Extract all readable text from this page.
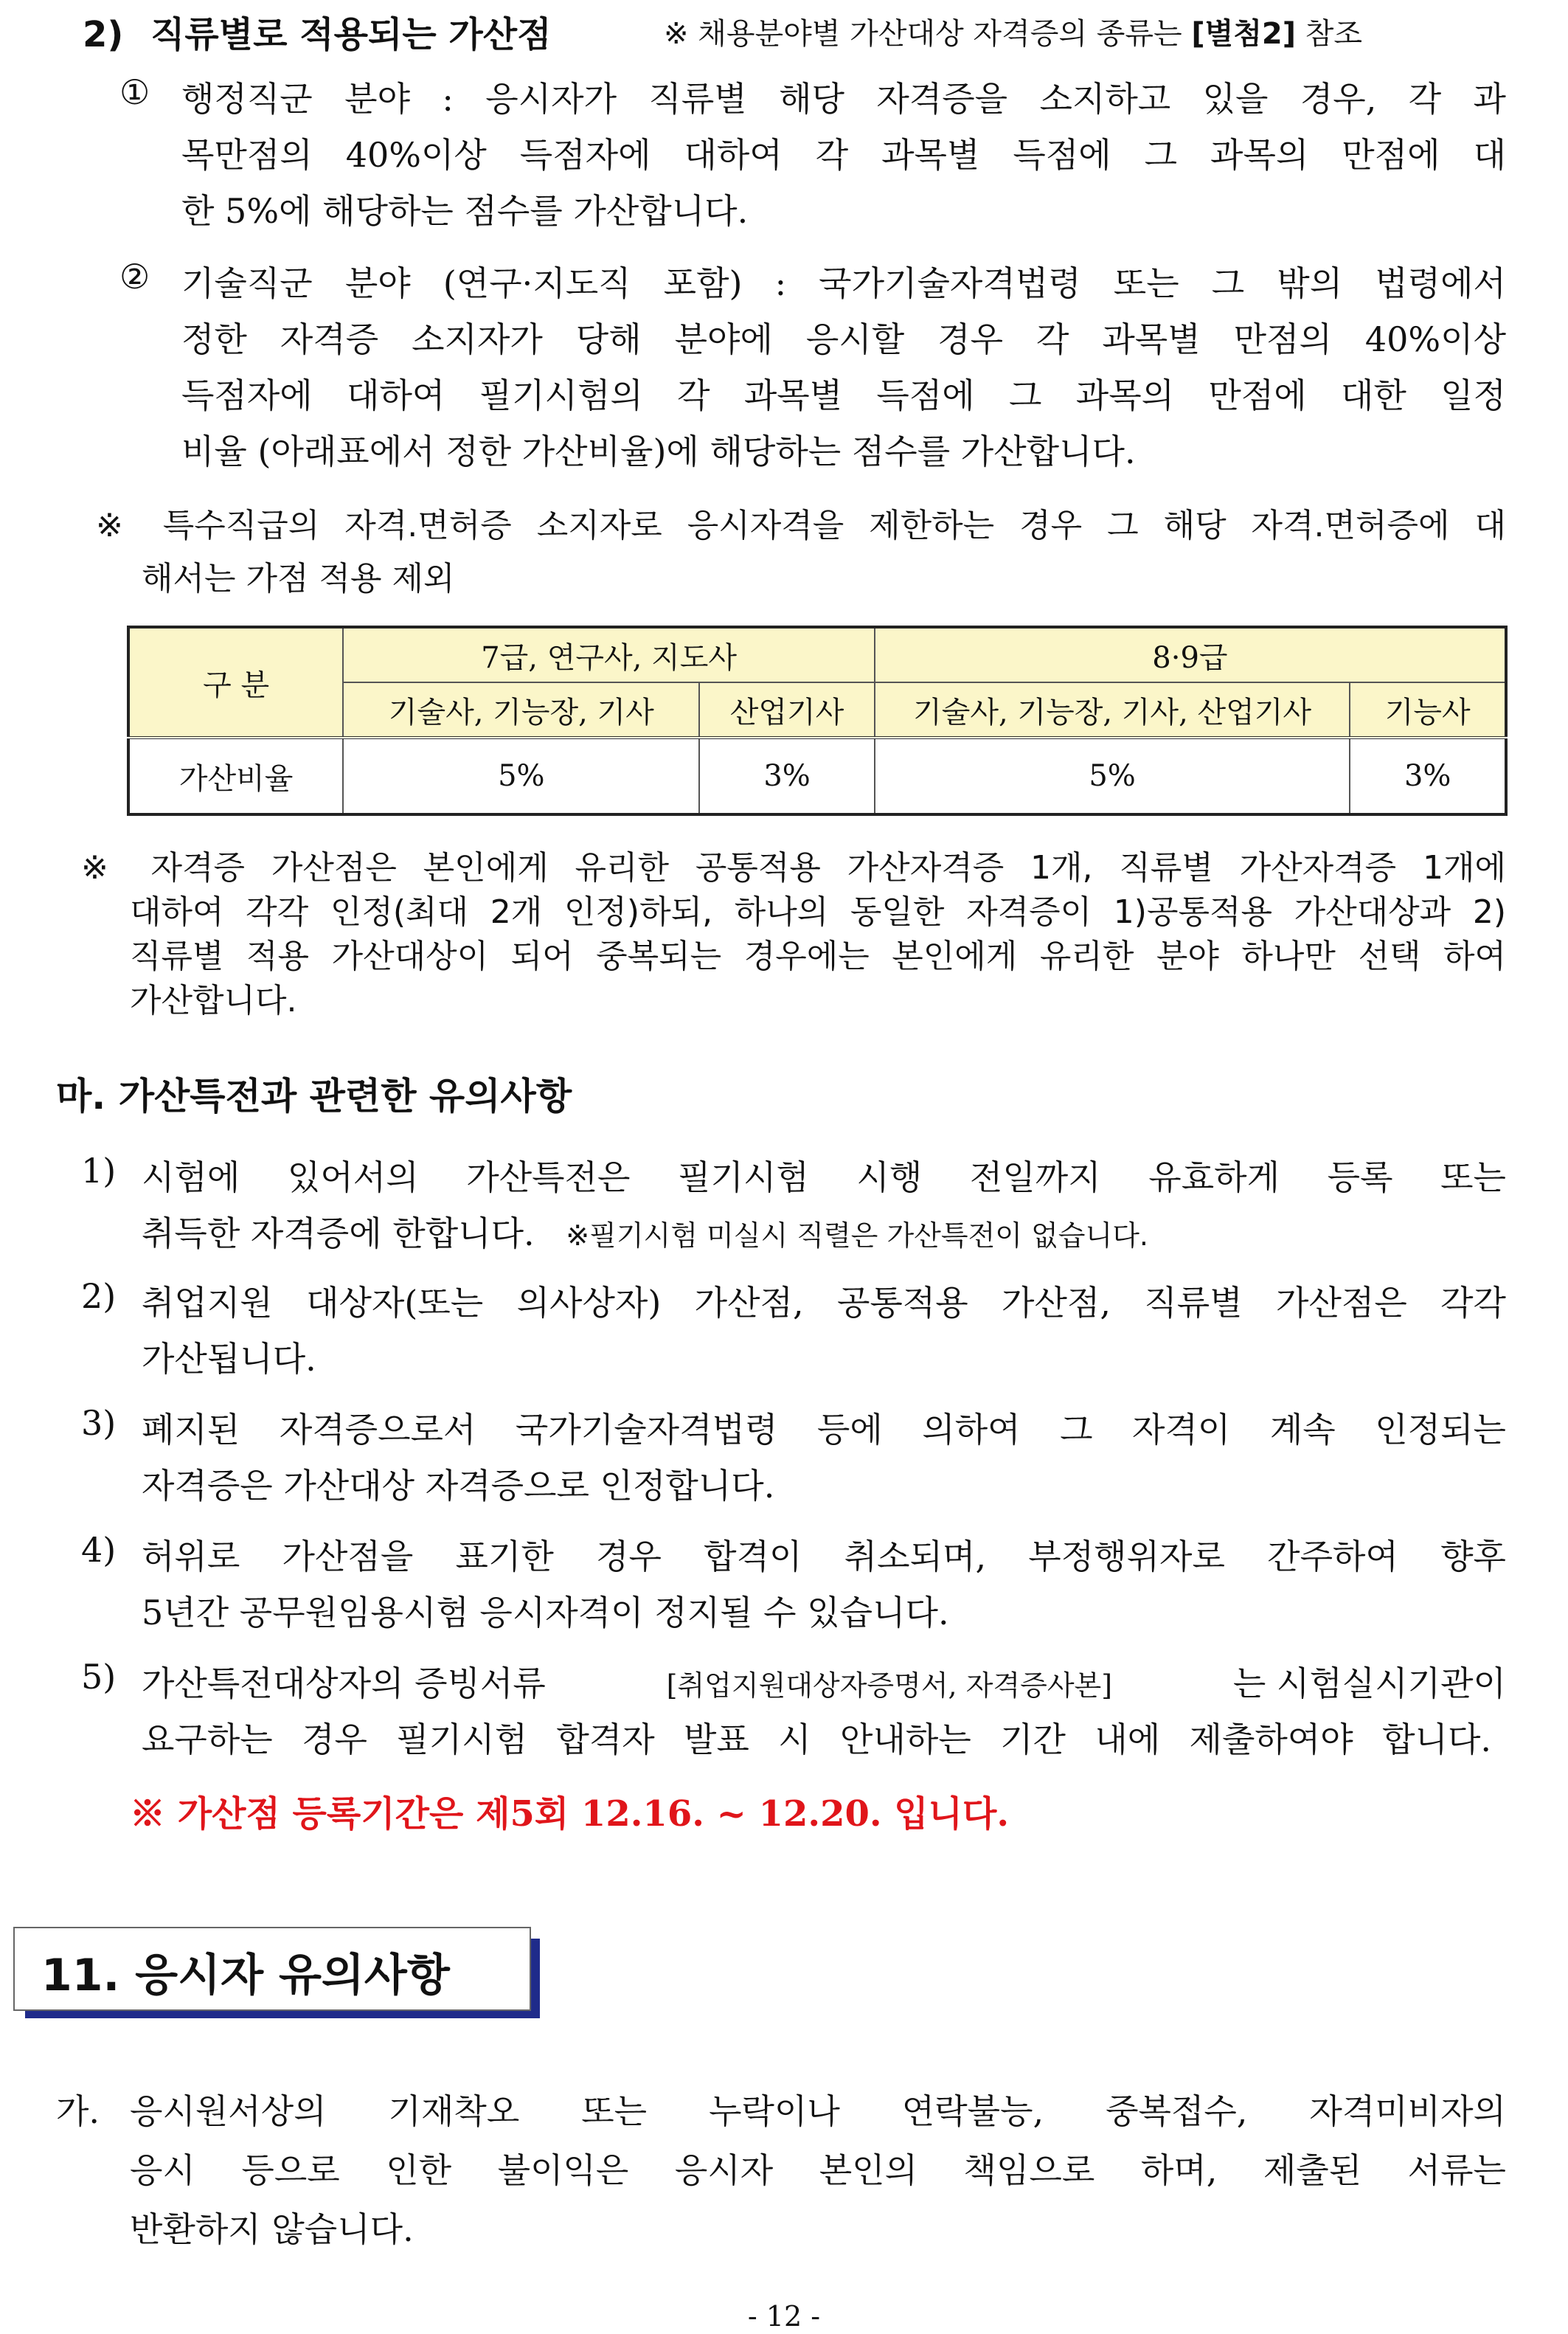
2) 직류별로 적용되는 가산점	※ 채용분야별 가산대상 자격증의 종류는 [별첨2] 참조
① 행정직군 분야 : 응시자가 직류별 해당 자격증을 소지하고 있을 경우, 각 과
목만점의 40%이상 득점자에 대하여 각 과목별 득점에 그 과목의 만점에 대
한 5%에 해당하는 점수를 가산합니다.
② 기술직군 분야 (연구·지도직 포함) : 국가기술자격법령 또는 그 밖의 법령에서
정한 자격증 소지자가 당해 분야에 응시할 경우 각 과목별 만점의 40%이상
득점자에 대하여 필기시험의 각 과목별 득점에 그 과목의 만점에 대한 일정
비율 (아래표에서 정한 가산비율)에 해당하는 점수를 가산합니다.
※ 특수직급의 자격.면허증 소지자로 응시자격을 제한하는 경우 그 해당 자격.면허증에 대
해서는 가점 적용 제외
구 분	7급, 연구사, 지도사		8·9급	
	기술사, 기능장, 기사	산업기사	기술사, 기능장, 기사, 산업기사	기능사
가산비율	5%	3%	5%	3%
※ 자격증 가산점은 본인에게 유리한 공통적용 가산자격증 1개, 직류별 가산자격증 1개에
대하여 각각 인정(최대 2개 인정)하되, 하나의 동일한 자격증이 1)공통적용 가산대상과 2)
직류별 적용 가산대상이 되어 중복되는 경우에는 본인에게 유리한 분야 하나만 선택 하여
가산합니다.
마. 가산특전과 관련한 유의사항
1) 시험에 있어서의 가산특전은 필기시험 시행 전일까지 유효하게 등록 또는
취득한 자격증에 한합니다. ※필기시험 미실시 직렬은 가산특전이 없습니다.
2) 취업지원 대상자(또는 의사상자) 가산점, 공통적용 가산점, 직류별 가산점은 각각
가산됩니다.
3) 폐지된 자격증으로서 국가기술자격법령 등에 의하여 그 자격이 계속 인정되는
자격증은 가산대상 자격증으로 인정합니다.
4) 허위로 가산점을 표기한 경우 합격이 취소되며, 부정행위자로 간주하여 향후
5년간 공무원임용시험 응시자격이 정지될 수 있습니다.
5) 가산특전대상자의 증빙서류	[취업지원대상자증명서, 자격증사본]	는 시험실시기관이
요구하는 경우 필기시험 합격자 발표 시 안내하는 기간 내에 제출하여야 합니다.
※ 가산점 등록기간은 제5회 12.16. ~ 12.20. 입니다.
11. 응시자 유의사항
가. 응시원서상의 기재착오 또는 누락이나 연락불능, 중복접수, 자격미비자의
응시 등으로 인한 불이익은 응시자 본인의 책임으로 하며, 제출된 서류는
반환하지 않습니다.
- 12 -
